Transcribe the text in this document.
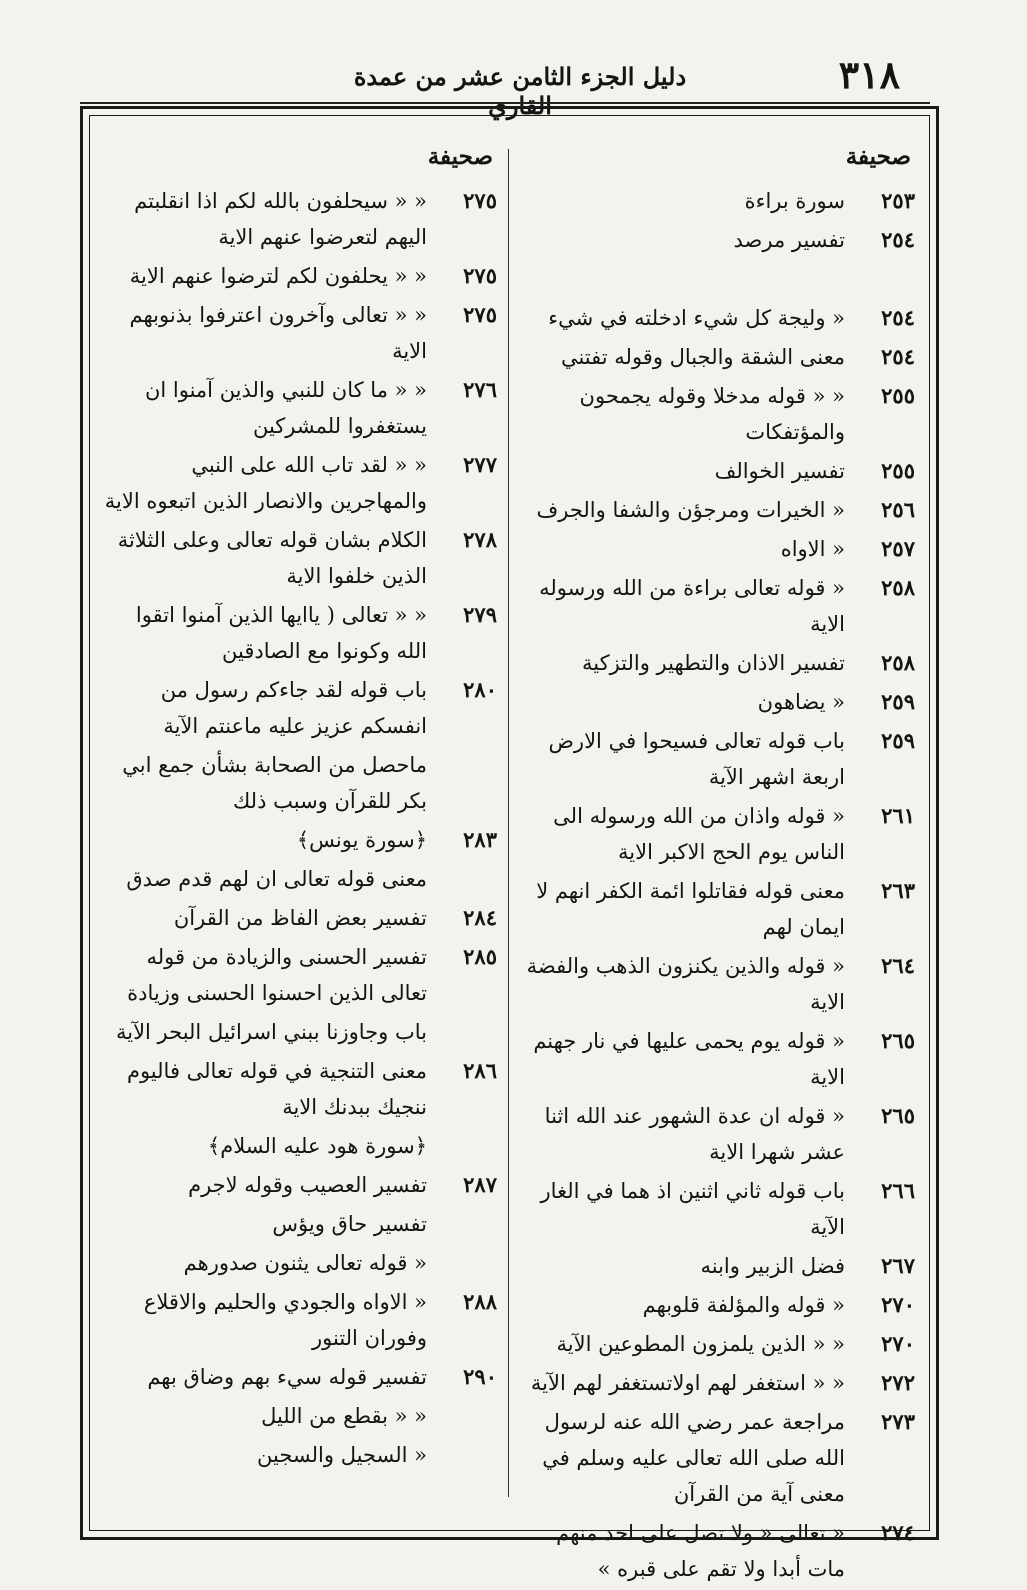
٣١٨
دليل الجزء الثامن عشر من عمدة القاري
صحيفة
٢٥٣
سورة براءة
٢٥٤
تفسير مرصد
٢٥٤
« وليجة كل شيء ادخلته في شيء
٢٥٤
معنى الشقة والجبال وقوله تفتني
٢٥٥
« « قوله مدخلا وقوله يجمحون والمؤتفكات
٢٥٥
تفسير الخوالف
٢٥٦
« الخيرات ومرجؤن والشفا والجرف
٢٥٧
« الاواه
٢٥٨
« قوله تعالى براءة من الله ورسوله الاية
٢٥٨
تفسير الاذان والتطهير والتزكية
٢٥٩
« يضاهون
٢٥٩
باب قوله تعالى فسيحوا في الارض اربعة اشهر الآية
٢٦١
« قوله واذان من الله ورسوله الى الناس يوم الحج الاكبر الاية
٢٦٣
معنى قوله فقاتلوا ائمة الكفر انهم لا ايمان لهم
٢٦٤
« قوله والذين يكنزون الذهب والفضة الاية
٢٦٥
« قوله يوم يحمى عليها في نار جهنم الاية
٢٦٥
« قوله ان عدة الشهور عند الله اثنا عشر شهرا الاية
٢٦٦
باب قوله ثاني اثنين اذ هما في الغار الآية
٢٦٧
فضل الزبير وابنه
٢٧٠
« قوله والمؤلفة قلوبهم
٢٧٠
« « الذين يلمزون المطوعين الآية
٢٧٢
« « استغفر لهم اولاتستغفر لهم الآية
٢٧٣
مراجعة عمر رضي الله عنه لرسول الله صلى الله تعالى عليه وسلم في معنى آية من القرآن
٢٧٤
« تعالى « ولا تصل على احد منهم مات أبدا ولا تقم على قبره »
صحيفة
٢٧٥
« « سيحلفون بالله لكم اذا انقلبتم اليهم لتعرضوا عنهم الاية
٢٧٥
« « يحلفون لكم لترضوا عنهم الاية
٢٧٥
« « تعالى وآخرون اعترفوا بذنوبهم الاية
٢٧٦
« « ما كان للنبي والذين آمنوا ان يستغفروا للمشركين
٢٧٧
« « لقد تاب الله على النبي والمهاجرين والانصار الذين اتبعوه الاية
٢٧٨
الكلام بشان قوله تعالى وعلى الثلاثة الذين خلفوا الاية
٢٧٩
« « تعالى ( ياايها الذين آمنوا اتقوا الله وكونوا مع الصادقين
٢٨٠
باب قوله لقد جاءكم رسول من انفسكم عزيز عليه ماعنتم الآية
ماحصل من الصحابة بشأن جمع ابي بكر للقرآن وسبب ذلك
٢٨٣
﴿سورة يونس﴾
معنى قوله تعالى ان لهم قدم صدق
٢٨٤
تفسير بعض الفاظ من القرآن
٢٨٥
تفسير الحسنى والزيادة من قوله تعالى الذين احسنوا الحسنى وزيادة
باب وجاوزنا ببني اسرائيل البحر الآية
٢٨٦
معنى التنجية في قوله تعالى فاليوم ننجيك ببدنك الاية
﴿سورة هود عليه السلام﴾
٢٨٧
تفسير العصيب وقوله لاجرم
تفسير حاق ويؤس
« قوله تعالى يثنون صدورهم
٢٨٨
« الاواه والجودي والحليم والاقلاع وفوران التنور
٢٩٠
تفسير قوله سيء بهم وضاق بهم
« « بقطع من الليل
« السجيل والسجين
